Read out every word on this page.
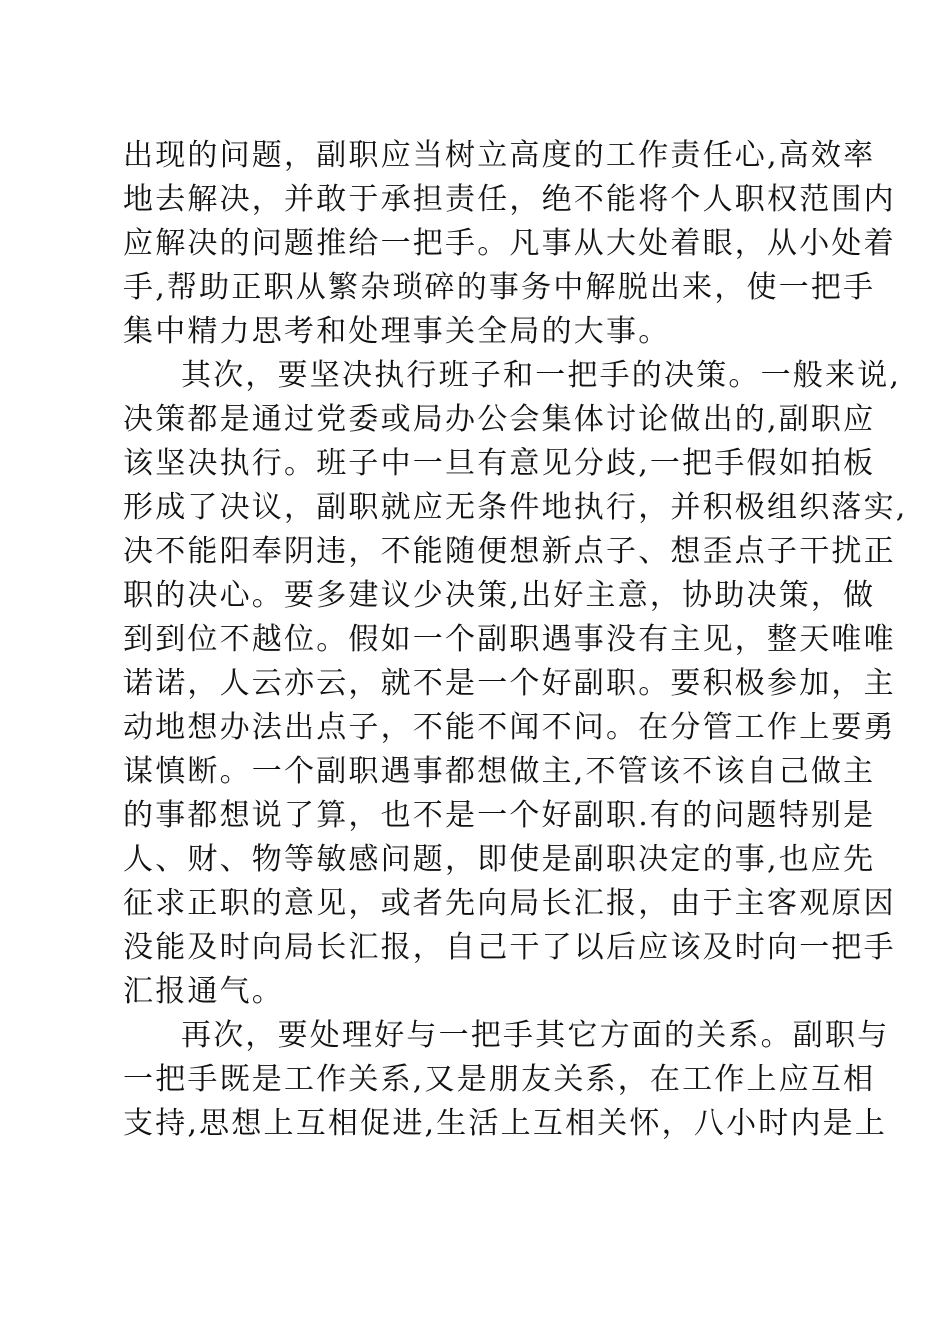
出现的问题，副职应当树立高度的工作责任心,高效率
地去解决，并敢于承担责任，绝不能将个人职权范围内
应解决的问题推给一把手。凡事从大处着眼，从小处着
手,帮助正职从繁杂琐碎的事务中解脱出来，使一把手
集中精力思考和处理事关全局的大事。
其次，要坚决执行班子和一把手的决策。一般来说,
决策都是通过党委或局办公会集体讨论做出的,副职应
该坚决执行。班子中一旦有意见分歧,一把手假如拍板
形成了决议，副职就应无条件地执行，并积极组织落实,
决不能阳奉阴违，不能随便想新点子、想歪点子干扰正
职的决心。要多建议少决策,出好主意，协助决策，做
到到位不越位。假如一个副职遇事没有主见，整天唯唯
诺诺，人云亦云，就不是一个好副职。要积极参加，主
动地想办法出点子，不能不闻不问。在分管工作上要勇
谋慎断。一个副职遇事都想做主,不管该不该自己做主
的事都想说了算，也不是一个好副职.有的问题特别是
人、财、物等敏感问题，即使是副职决定的事,也应先
征求正职的意见，或者先向局长汇报，由于主客观原因
没能及时向局长汇报，自己干了以后应该及时向一把手
汇报通气。
再次，要处理好与一把手其它方面的关系。副职与
一把手既是工作关系,又是朋友关系，在工作上应互相
支持,思想上互相促进,生活上互相关怀，八小时内是上
